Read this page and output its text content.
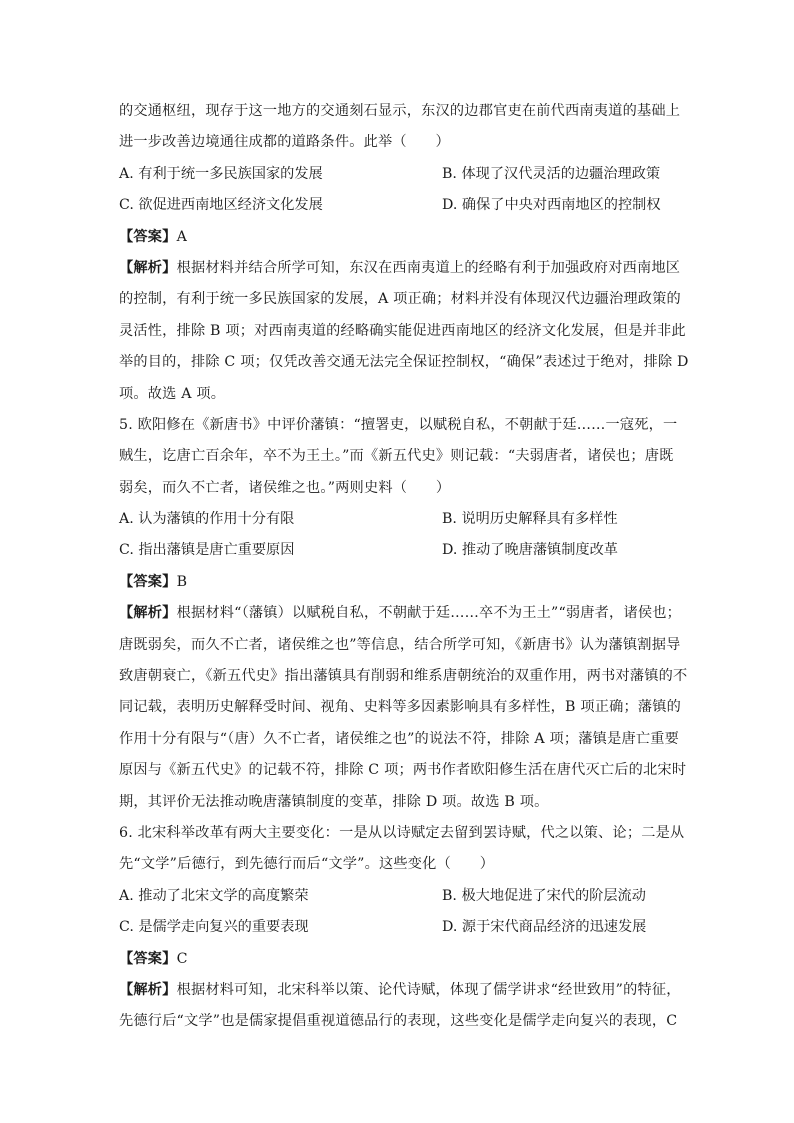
的交通枢纽，现存于这一地方的交通刻石显示，东汉的边郡官吏在前代西南夷道的基础上
进一步改善边境通往成都的道路条件。此举（　　）
A. 有利于统一多民族国家的发展	B. 体现了汉代灵活的边疆治理政策
C. 欲促进西南地区经济文化发展	D. 确保了中央对西南地区的控制权
【答案】A
【解析】根据材料并结合所学可知，东汉在西南夷道上的经略有利于加强政府对西南地区
的控制，有利于统一多民族国家的发展，A 项正确；材料并没有体现汉代边疆治理政策的
灵活性，排除 B 项；对西南夷道的经略确实能促进西南地区的经济文化发展，但是并非此
举的目的，排除 C 项；仅凭改善交通无法完全保证控制权，“确保”表述过于绝对，排除 D
项。故选 A 项。
5. 欧阳修在《新唐书》中评价藩镇：“擅署吏，以赋税自私，不朝献于廷……一寇死，一
贼生，讫唐亡百余年，卒不为王土。”而《新五代史》则记载：“夫弱唐者，诸侯也；唐既
弱矣，而久不亡者，诸侯维之也。”两则史料（　　）
A. 认为藩镇的作用十分有限	B. 说明历史解释具有多样性
C. 指出藩镇是唐亡重要原因	D. 推动了晚唐藩镇制度改革
【答案】B
【解析】根据材料“（藩镇）以赋税自私，不朝献于廷……卒不为王土”“弱唐者，诸侯也；
唐既弱矣，而久不亡者，诸侯维之也”等信息，结合所学可知，《新唐书》认为藩镇割据导
致唐朝衰亡，《新五代史》指出藩镇具有削弱和维系唐朝统治的双重作用，两书对藩镇的不
同记载，表明历史解释受时间、视角、史料等多因素影响具有多样性，B 项正确；藩镇的
作用十分有限与“（唐）久不亡者，诸侯维之也”的说法不符，排除 A 项；藩镇是唐亡重要
原因与《新五代史》的记载不符，排除 C 项；两书作者欧阳修生活在唐代灭亡后的北宋时
期，其评价无法推动晚唐藩镇制度的变革，排除 D 项。故选 B 项。
6. 北宋科举改革有两大主要变化：一是从以诗赋定去留到罢诗赋，代之以策、论；二是从
先“文学”后德行，到先德行而后“文学”。这些变化（　　）
A. 推动了北宋文学的高度繁荣	B. 极大地促进了宋代的阶层流动
C. 是儒学走向复兴的重要表现	D. 源于宋代商品经济的迅速发展
【答案】C
【解析】根据材料可知，北宋科举以策、论代诗赋，体现了儒学讲求“经世致用”的特征，
先德行后“文学”也是儒家提倡重视道德品行的表现，这些变化是儒学走向复兴的表现，C
